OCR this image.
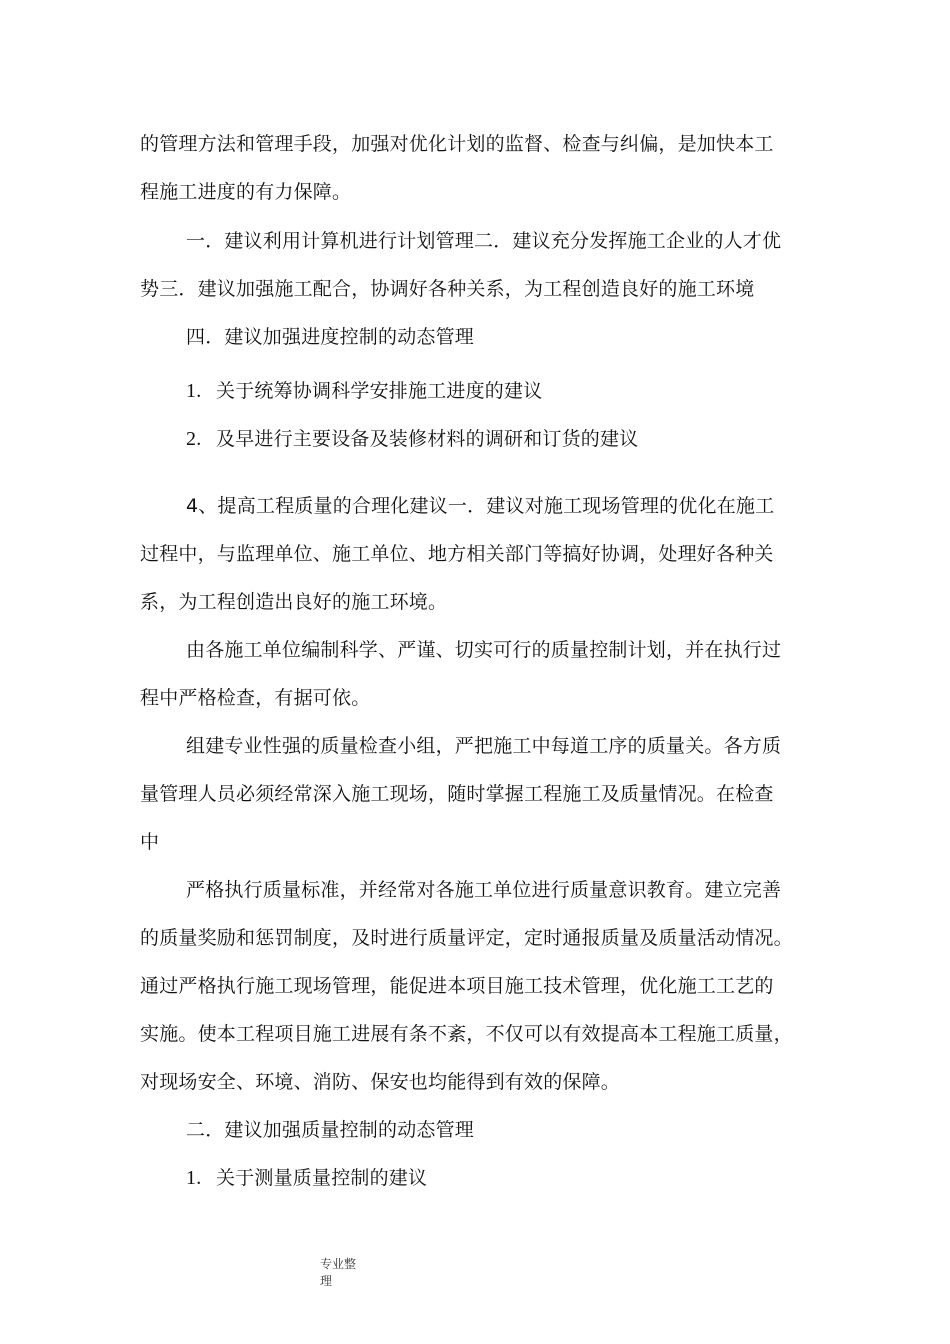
的管理方法和管理手段，加强对优化计划的监督、检查与纠偏，是加快本工
程施工进度的有力保障。
一．建议利用计算机进行计划管理二．建议充分发挥施工企业的人才优
势三．建议加强施工配合，协调好各种关系，为工程创造良好的施工环境
四．建议加强进度控制的动态管理
1. 关于统筹协调科学安排施工进度的建议
2. 及早进行主要设备及装修材料的调研和订货的建议
4、提高工程质量的合理化建议一．建议对施工现场管理的优化在施工
过程中，与监理单位、施工单位、地方相关部门等搞好协调，处理好各种关
系，为工程创造出良好的施工环境。
由各施工单位编制科学、严谨、切实可行的质量控制计划，并在执行过
程中严格检查，有据可依。
组建专业性强的质量检查小组，严把施工中每道工序的质量关。各方质
量管理人员必须经常深入施工现场，随时掌握工程施工及质量情况。在检查
中
严格执行质量标准，并经常对各施工单位进行质量意识教育。建立完善
的质量奖励和惩罚制度，及时进行质量评定，定时通报质量及质量活动情况。
通过严格执行施工现场管理，能促进本项目施工技术管理，优化施工工艺的
实施。使本工程项目施工进展有条不紊，不仅可以有效提高本工程施工质量，
对现场安全、环境、消防、保安也均能得到有效的保障。
二．建议加强质量控制的动态管理
1. 关于测量质量控制的建议
专业整
理
